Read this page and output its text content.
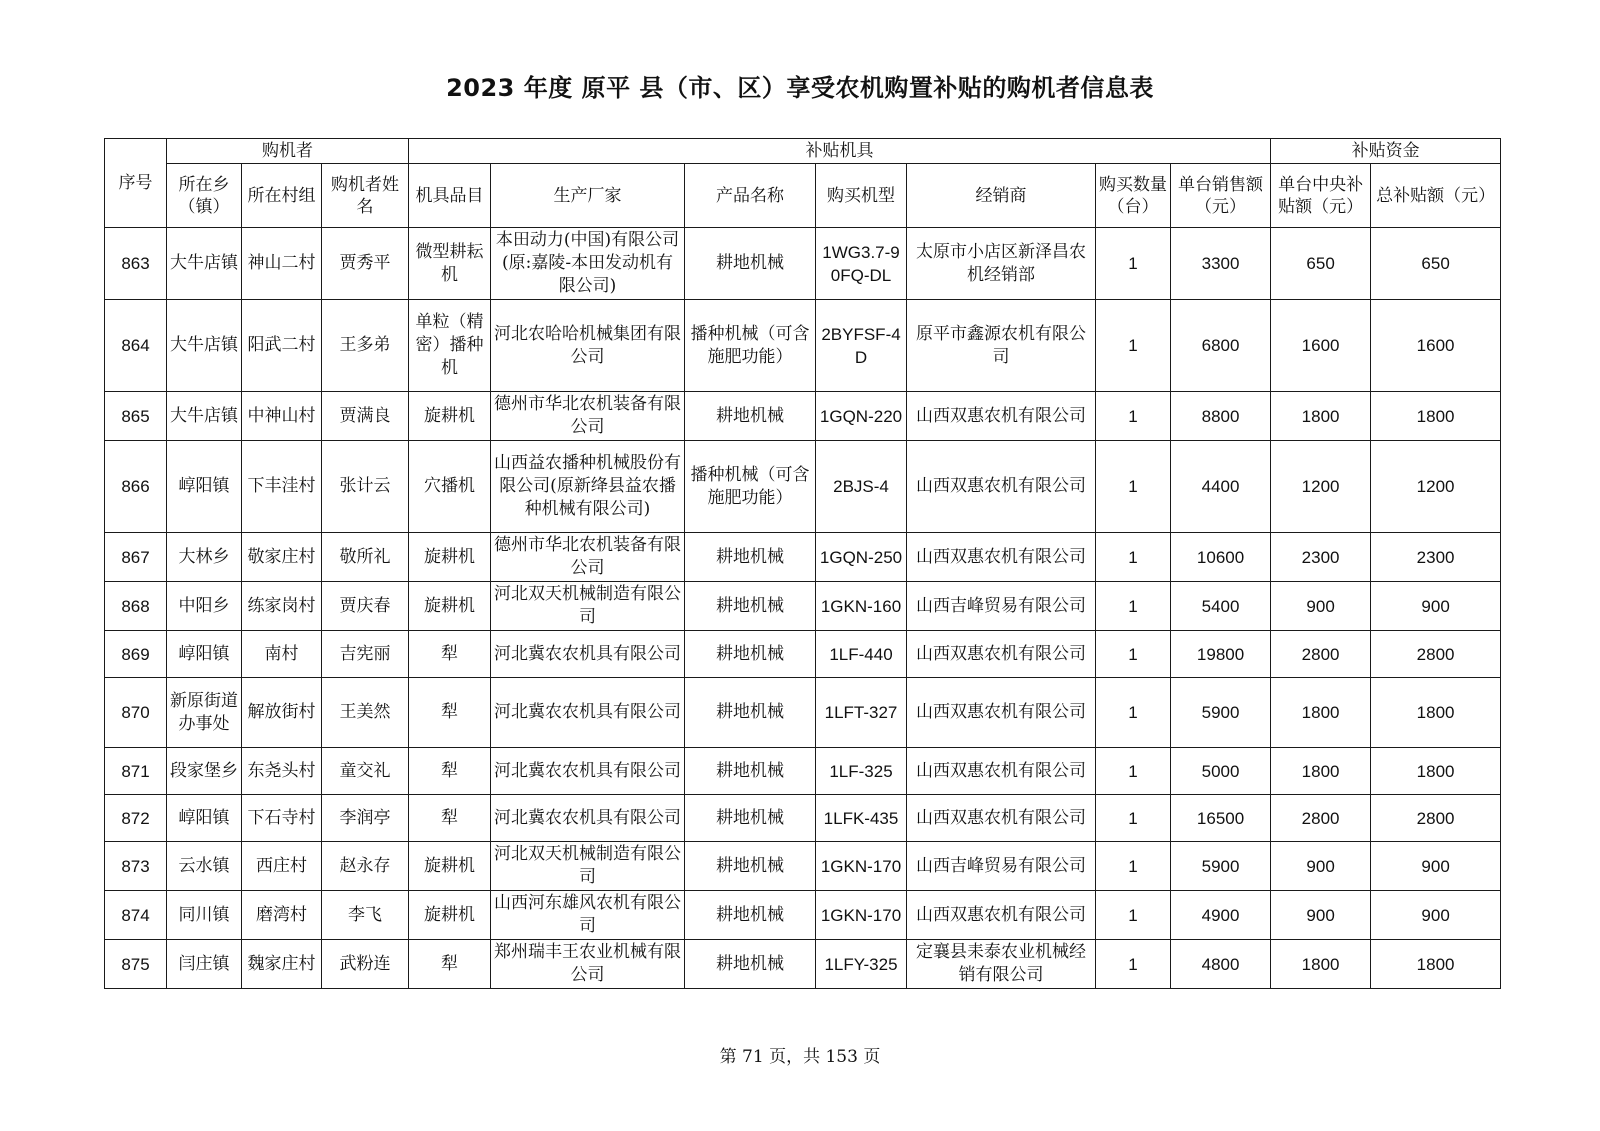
2023 年度 原平 县（市、区）享受农机购置补贴的购机者信息表
序号	购机者			补贴机具							补贴资金	
	所在乡（镇）	所在村组	购机者姓名	机具品目	生产厂家	产品名称	购买机型	经销商	购买数量（台）	单台销售额（元）	单台中央补贴额（元）	总补贴额（元）
863	大牛店镇	神山二村	贾秀平	微型耕耘机	本田动力(中国)有限公司(原:嘉陵-本田发动机有限公司)	耕地机械	1WG3.7-90FQ-DL	太原市小店区新泽昌农机经销部	1	3300	650	650
864	大牛店镇	阳武二村	王多弟	单粒（精密）播种机	河北农哈哈机械集团有限公司	播种机械（可含施肥功能）	2BYFSF-4D	原平市鑫源农机有限公司	1	6800	1600	1600
865	大牛店镇	中神山村	贾满良	旋耕机	德州市华北农机装备有限公司	耕地机械	1GQN-220	山西双惠农机有限公司	1	8800	1800	1800
866	崞阳镇	下丰洼村	张计云	穴播机	山西益农播种机械股份有限公司(原新绛县益农播种机械有限公司)	播种机械（可含施肥功能）	2BJS-4	山西双惠农机有限公司	1	4400	1200	1200
867	大林乡	敬家庄村	敬所礼	旋耕机	德州市华北农机装备有限公司	耕地机械	1GQN-250	山西双惠农机有限公司	1	10600	2300	2300
868	中阳乡	练家岗村	贾庆春	旋耕机	河北双天机械制造有限公司	耕地机械	1GKN-160	山西吉峰贸易有限公司	1	5400	900	900
869	崞阳镇	南村	吉宪丽	犁	河北冀农农机具有限公司	耕地机械	1LF-440	山西双惠农机有限公司	1	19800	2800	2800
870	新原街道办事处	解放街村	王美然	犁	河北冀农农机具有限公司	耕地机械	1LFT-327	山西双惠农机有限公司	1	5900	1800	1800
871	段家堡乡	东尧头村	童交礼	犁	河北冀农农机具有限公司	耕地机械	1LF-325	山西双惠农机有限公司	1	5000	1800	1800
872	崞阳镇	下石寺村	李润亭	犁	河北冀农农机具有限公司	耕地机械	1LFK-435	山西双惠农机有限公司	1	16500	2800	2800
873	云水镇	西庄村	赵永存	旋耕机	河北双天机械制造有限公司	耕地机械	1GKN-170	山西吉峰贸易有限公司	1	5900	900	900
874	同川镇	磨湾村	李飞	旋耕机	山西河东雄风农机有限公司	耕地机械	1GKN-170	山西双惠农机有限公司	1	4900	900	900
875	闫庄镇	魏家庄村	武粉连	犁	郑州瑞丰王农业机械有限公司	耕地机械	1LFY-325	定襄县耒泰农业机械经销有限公司	1	4800	1800	1800
第 71 页，共 153 页
